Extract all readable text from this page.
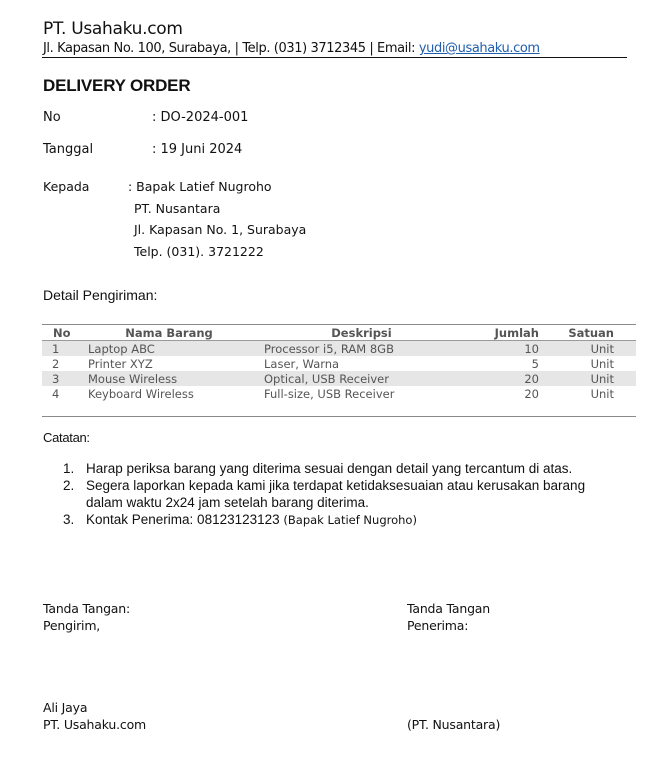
PT. Usahaku.com
Jl. Kapasan No. 100, Surabaya, | Telp. (031) 3712345 | Email: yudi@usahaku.com
DELIVERY ORDER
No	: DO-2024-001
Tanggal	: 19 Juni 2024
Kepada	: Bapak Latief Nugroho
PT. Nusantara
Jl. Kapasan No. 1, Surabaya
Telp. (031). 3721222
Detail Pengiriman:
No	Nama Barang	Deskripsi	Jumlah	Satuan
1	Laptop ABC	Processor i5, RAM 8GB	10	Unit
2	Printer XYZ	Laser, Warna	5	Unit
3	Mouse Wireless	Optical, USB Receiver	20	Unit
4	Keyboard Wireless	Full-size, USB Receiver	20	Unit
Catatan:
1. Harap periksa barang yang diterima sesuai dengan detail yang tercantum di atas.
2. Segera laporkan kepada kami jika terdapat ketidaksesuaian atau kerusakan barang dalam waktu 2x24 jam setelah barang diterima.
3. Kontak Penerima: 08123123123 (Bapak Latief Nugroho)
Tanda Tangan:
Pengirim,
Ali Jaya
PT. Usahaku.com
Tanda Tangan
Penerima:
(PT. Nusantara)
